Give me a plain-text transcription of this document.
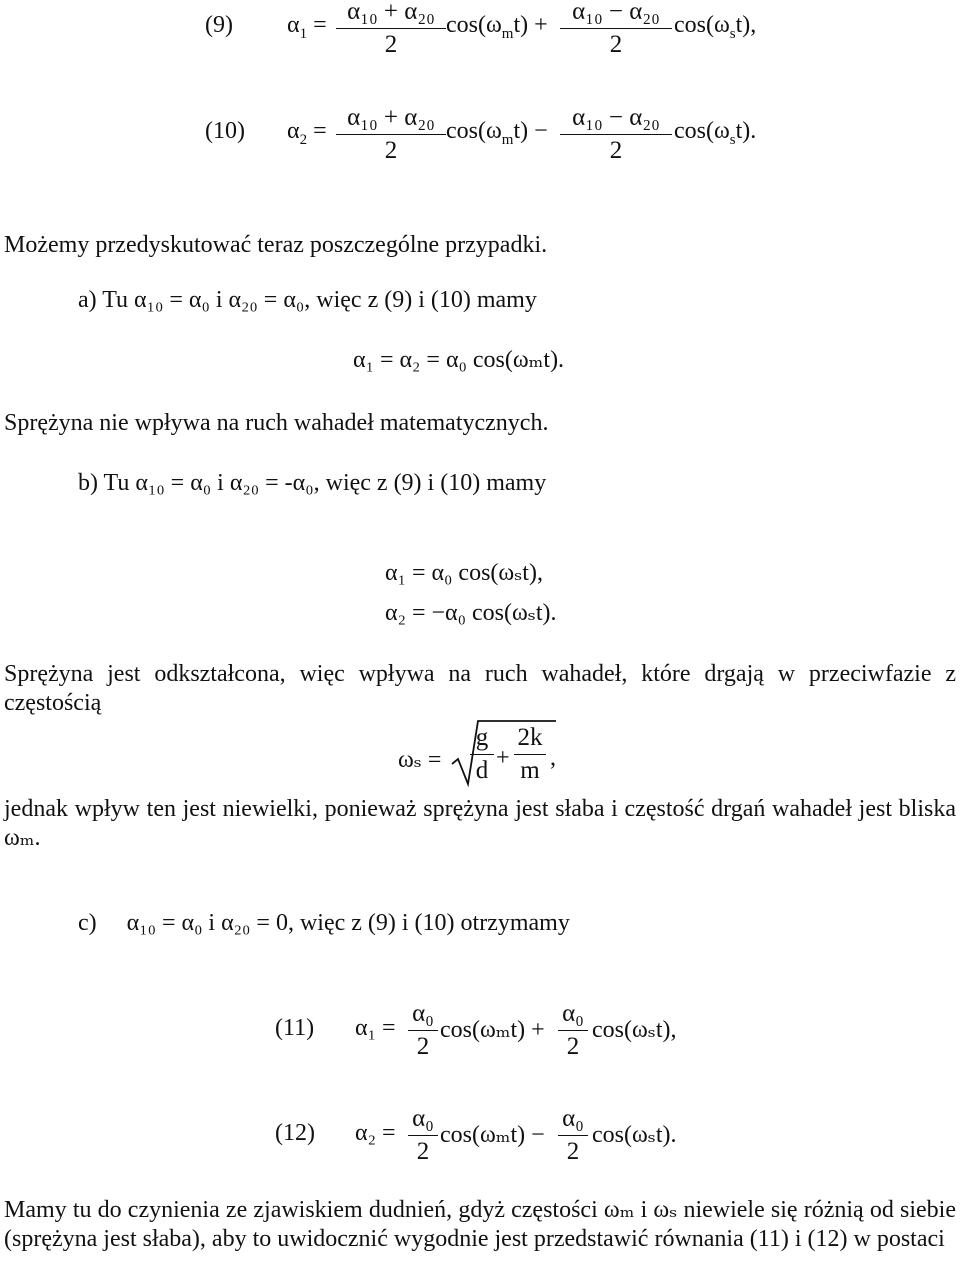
(9) $\alpha_1 = \frac{\text{α₁₀ + α₂₀}}{2} \cos(\omega_mt) + \frac{\text{α₁₀ − α₂₀}}{2} \cos(\omega_st)$,
(10) $\alpha_2 = \frac{\text{α₁₀ + α₂₀}}{2} \cos(\omega_mt) - \frac{\text{α₁₀ − α₂₀}}{2} \cos(\omega_st)$.

Możemy przedyskutować teraz poszczególne przypadki.

a) Tu α₁₀ = α₀ i α₂₀ = α₀, więc z (9) i (10) mamy

α₁ = α₂ = α₀ cos(ωₘt).

Sprężyna nie wpływa na ruch wahadeł matematycznych.

b) Tu α₁₀ = α₀ i α₂₀ = -α₀, więc z (9) i (10) mamy

α₁ = α₀ cos(ωₛt),

α₂ = −α₀ cos(ωₛt).

Sprężyna jest odkształcona, więc wpływa na ruch wahadeł, które drgają w przeciwfazie z częstością

$\omega_s = \frac{g}{d} + \frac{2k}{m}$ ,

jednak wpływ ten jest niewielki, ponieważ sprężyna jest słaba i częstość drgań wahadeł jest bliska ωₘ.

c)     α₁₀ = α₀ i α₂₀ = 0, więc z (9) i (10) otrzymamy

(11) $\alpha_1 = \frac{\text{α₀}}{2} \cos(\omega_mt) + \frac{\text{α₀}}{2} \cos(\omega_st)$,
(12) $\alpha_2 = \frac{\text{α₀}}{2} \cos(\omega_mt) - \frac{\text{α₀}}{2} \cos(\omega_st)$.

Mamy tu do czynienia ze zjawiskiem dudnień, gdyż częstości ωₘ i ωₛ niewiele się różnią od siebie (sprężyna jest słaba), aby to uwidocznić wygodnie jest przedstawić równania (11) i (12) w postaci
